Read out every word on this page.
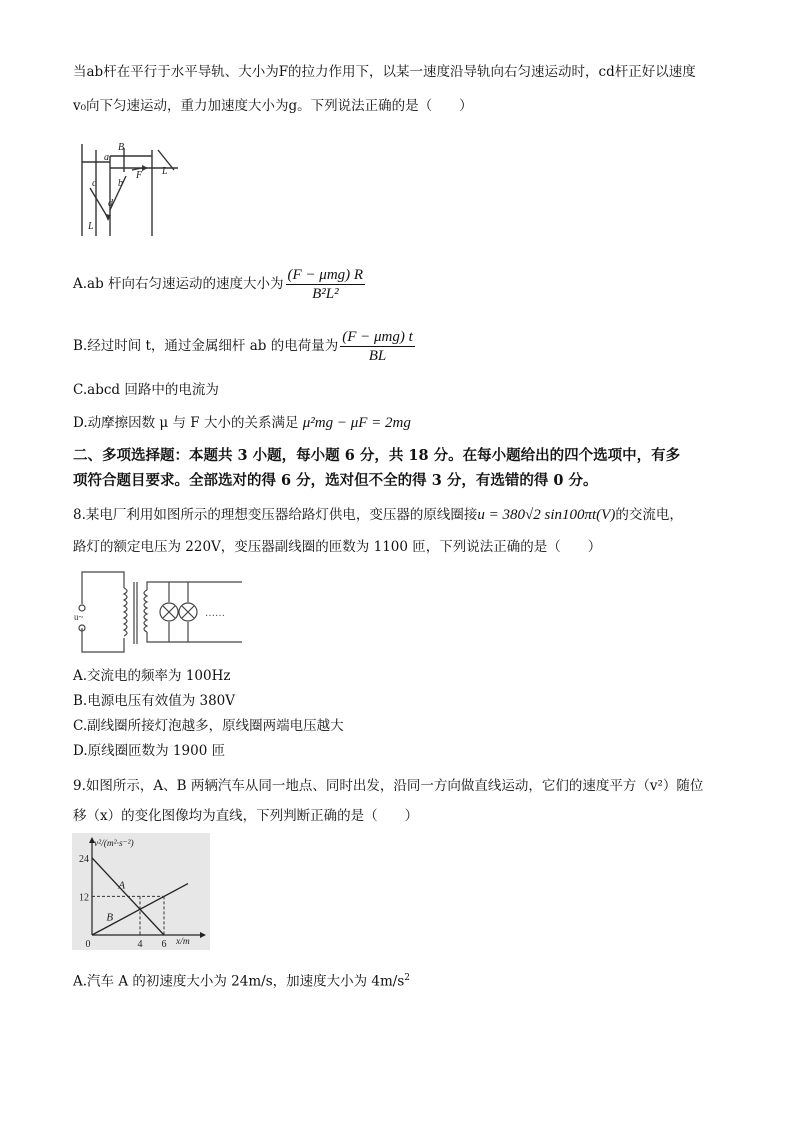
当ab杆在平行于水平导轨、大小为F的拉力作用下，以某一速度沿导轨向右匀速运动时，cd杆正好以速度
v₀向下匀速运动，重力加速度大小为g。下列说法正确的是（　　）
B
a
F L
b
c
d
L
A.ab 杆向右匀速运动的速度大小为 $\frac{\text{(F − μmg) R}}{\text{B²L²}}$
B.经过时间 t，通过金属细杆 ab 的电荷量为 $\frac{\text{(F − μmg) t}}{BL}$
C.abcd 回路中的电流为
D.动摩擦因数 μ 与 F 大小的关系满足 μ²mg − μF = 2mg
二、多项选择题：本题共 3 小题，每小题 6 分，共 18 分。在每小题给出的四个选项中，有多
项符合题目要求。全部选对的得 6 分，选对但不全的得 3 分，有选错的得 0 分。
8.某电厂利用如图所示的理想变压器给路灯供电，变压器的原线圈接u = 380√2 sin100πt(V)的交流电，
路灯的额定电压为 220V，变压器副线圈的匝数为 1100 匝，下列说法正确的是（　　）
u~	……
A.交流电的频率为 100Hz
B.电源电压有效值为 380V
C.副线圈所接灯泡越多，原线圈两端电压越大
D.原线圈匝数为 1900 匝
9.如图所示，A、B 两辆汽车从同一地点、同时出发，沿同一方向做直线运动，它们的速度平方（v²）随位
移（x）的变化图像均为直线，下列判断正确的是（　　）
A
B
12
24
0	4 6
v²/(m²·s⁻²)
x/m
A.汽车 A 的初速度大小为 24m/s，加速度大小为 $4m/s^2$
